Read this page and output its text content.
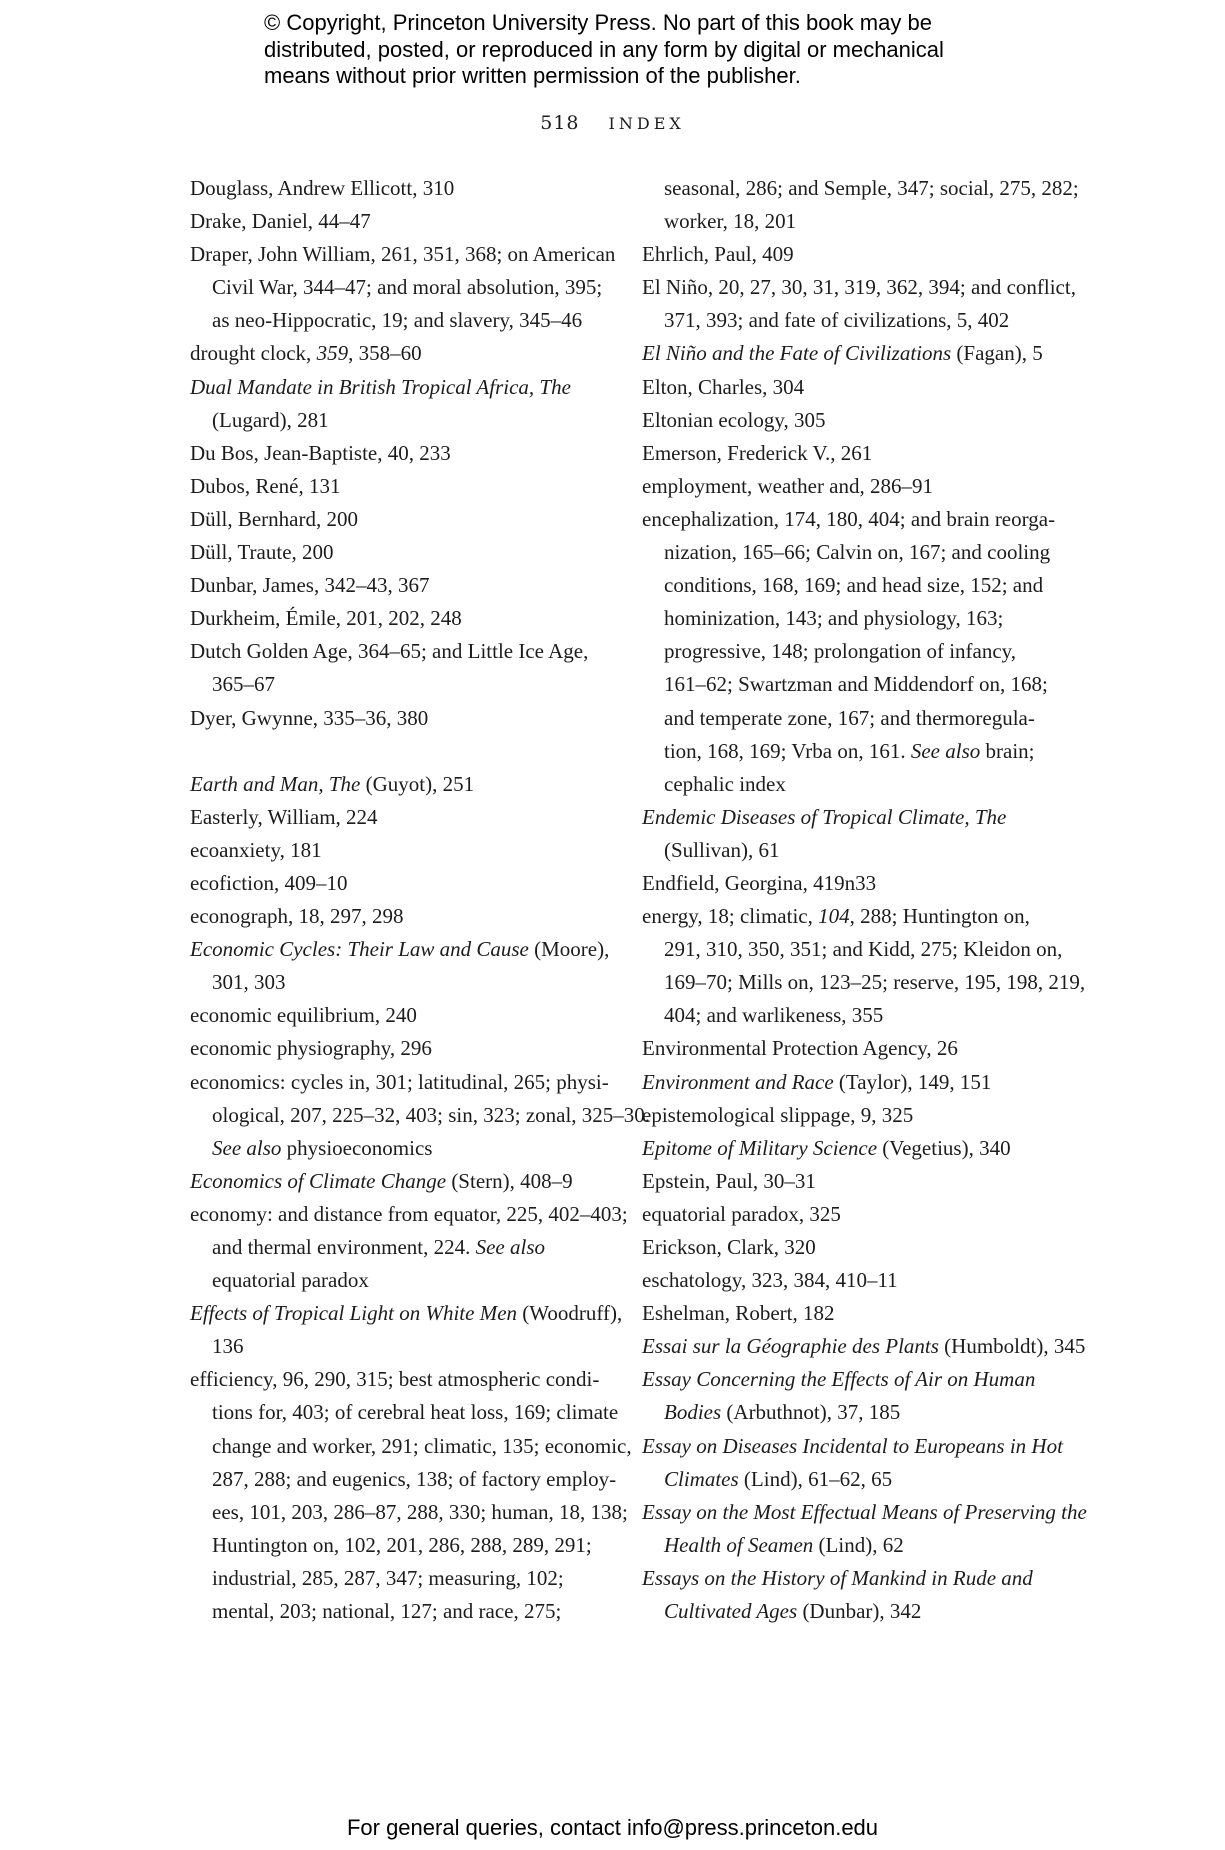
© Copyright, Princeton University Press. No part of this book may be
distributed, posted, or reproduced in any form by digital or mechanical
means without prior written permission of the publisher.
518 INDEX
Douglass, Andrew Ellicott, 310
Drake, Daniel, 44–47
Draper, John William, 261, 351, 368; on American
Civil War, 344–47; and moral absolution, 395;
as neo-Hippocratic, 19; and slavery, 345–46
drought clock, 359, 358–60
Dual Mandate in British Tropical Africa, The
(Lugard), 281
Du Bos, Jean-Baptiste, 40, 233
Dubos, René, 131
Düll, Bernhard, 200
Düll, Traute, 200
Dunbar, James, 342–43, 367
Durkheim, Émile, 201, 202, 248
Dutch Golden Age, 364–65; and Little Ice Age,
365–67
Dyer, Gwynne, 335–36, 380
Earth and Man, The (Guyot), 251
Easterly, William, 224
ecoanxiety, 181
ecofiction, 409–10
econograph, 18, 297, 298
Economic Cycles: Their Law and Cause (Moore),
301, 303
economic equilibrium, 240
economic physiography, 296
economics: cycles in, 301; latitudinal, 265; physi-
ological, 207, 225–32, 403; sin, 323; zonal, 325–30.
See also physioeconomics
Economics of Climate Change (Stern), 408–9
economy: and distance from equator, 225, 402–403;
and thermal environment, 224. See also
equatorial paradox
Effects of Tropical Light on White Men (Woodruff),
136
efficiency, 96, 290, 315; best atmospheric condi-
tions for, 403; of cerebral heat loss, 169; climate
change and worker, 291; climatic, 135; economic,
287, 288; and eugenics, 138; of factory employ-
ees, 101, 203, 286–87, 288, 330; human, 18, 138;
Huntington on, 102, 201, 286, 288, 289, 291;
industrial, 285, 287, 347; measuring, 102;
mental, 203; national, 127; and race, 275;
seasonal, 286; and Semple, 347; social, 275, 282;
worker, 18, 201
Ehrlich, Paul, 409
El Niño, 20, 27, 30, 31, 319, 362, 394; and conflict,
371, 393; and fate of civilizations, 5, 402
El Niño and the Fate of Civilizations (Fagan), 5
Elton, Charles, 304
Eltonian ecology, 305
Emerson, Frederick V., 261
employment, weather and, 286–91
encephalization, 174, 180, 404; and brain reorga-
nization, 165–66; Calvin on, 167; and cooling
conditions, 168, 169; and head size, 152; and
hominization, 143; and physiology, 163;
progressive, 148; prolongation of infancy,
161–62; Swartzman and Middendorf on, 168;
and temperate zone, 167; and thermoregula-
tion, 168, 169; Vrba on, 161. See also brain;
cephalic index
Endemic Diseases of Tropical Climate, The
(Sullivan), 61
Endfield, Georgina, 419n33
energy, 18; climatic, 104, 288; Huntington on,
291, 310, 350, 351; and Kidd, 275; Kleidon on,
169–70; Mills on, 123–25; reserve, 195, 198, 219,
404; and warlikeness, 355
Environmental Protection Agency, 26
Environment and Race (Taylor), 149, 151
epistemological slippage, 9, 325
Epitome of Military Science (Vegetius), 340
Epstein, Paul, 30–31
equatorial paradox, 325
Erickson, Clark, 320
eschatology, 323, 384, 410–11
Eshelman, Robert, 182
Essai sur la Géographie des Plants (Humboldt), 345
Essay Concerning the Effects of Air on Human
Bodies (Arbuthnot), 37, 185
Essay on Diseases Incidental to Europeans in Hot
Climates (Lind), 61–62, 65
Essay on the Most Effectual Means of Preserving the
Health of Seamen (Lind), 62
Essays on the History of Mankind in Rude and
Cultivated Ages (Dunbar), 342
For general queries, contact info@press.princeton.edu
